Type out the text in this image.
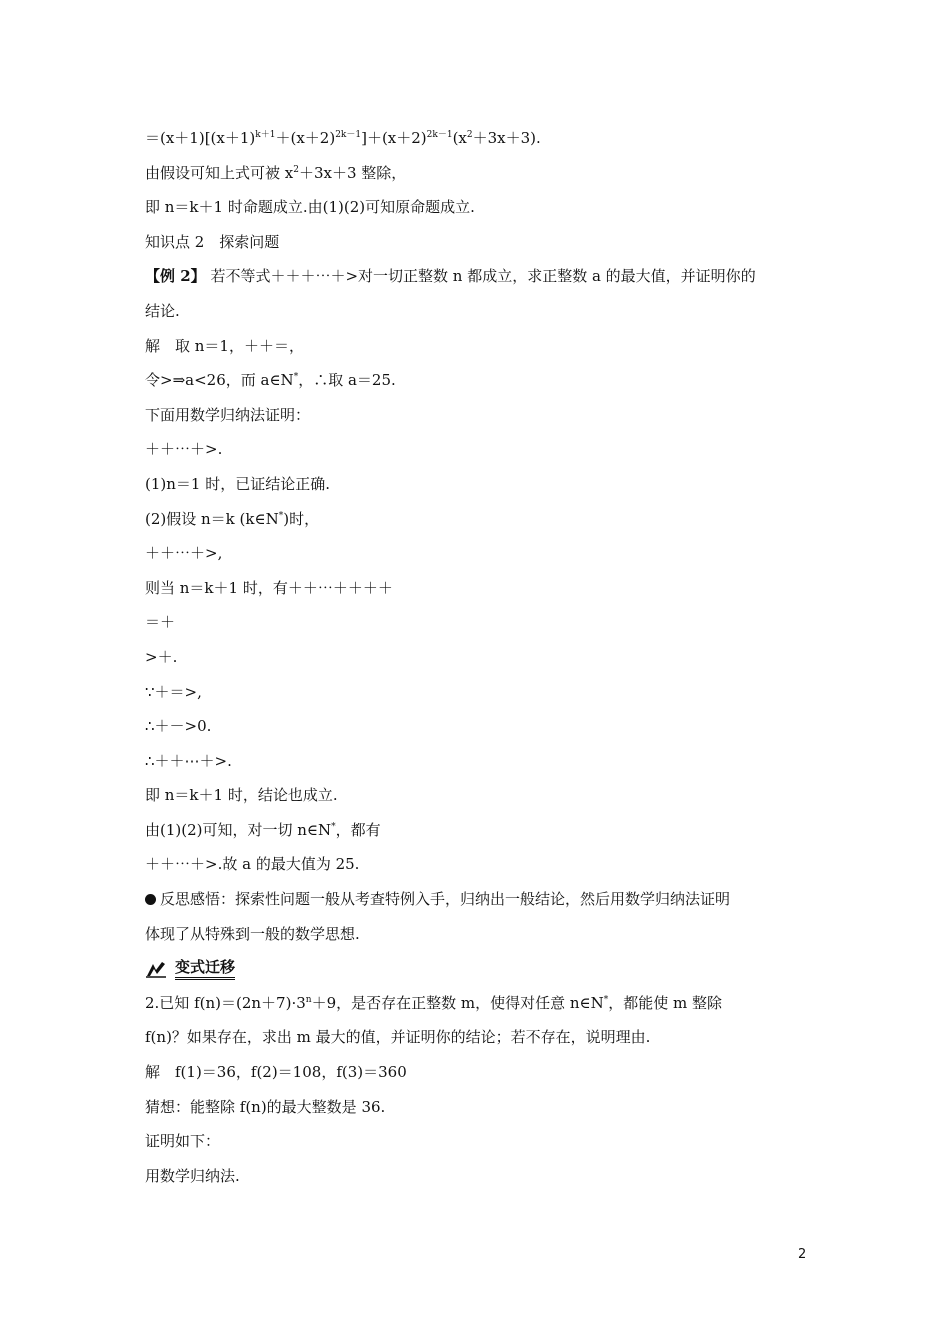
$=(x+1)[(x+1)^{k+1}+(x+2)^{2k-1}]+(x+2)^{2k-1}(x^2+3x+3)$.
由假设可知上式可被 $x^2+3x+3$ 整除，
即 n＝k＋1 时命题成立.由(1)(2)可知原命题成立.
知识点 2　探索问题
【例 2】 若不等式＋＋＋⋯＋>对一切正整数 n 都成立，求正整数 a 的最大值，并证明你的
结论.
解　取 n＝1，＋＋＝，
令>⇒a<26，而 a∈N*，∴取 a＝25.
下面用数学归纳法证明：
＋＋⋯＋>.
(1)n＝1 时，已证结论正确.
(2)假设 n＝k (k∈N*)时，
＋＋⋯＋>,
则当 n＝k＋1 时，有＋＋⋯＋＋＋＋
＝＋
>＋.
∵＋＝>,
∴＋－>0.
∴＋＋⋯＋>.
即 n＝k＋1 时，结论也成立.
由(1)(2)可知，对一切 n∈N*，都有
＋＋⋯＋>.故 a 的最大值为 25.
反思感悟：探索性问题一般从考查特例入手，归纳出一般结论，然后用数学归纳法证明
体现了从特殊到一般的数学思想.
变式迁移
2.已知 $f(n)=(2n+7)\cdot 3^n+9$，是否存在正整数 m，使得对任意 n∈N*，都能使 m 整除
f(n)？如果存在，求出 m 最大的值，并证明你的结论；若不存在，说明理由.
解　f(1)＝36，f(2)＝108，f(3)＝360
猜想：能整除 f(n)的最大整数是 36.
证明如下：
用数学归纳法.
2
